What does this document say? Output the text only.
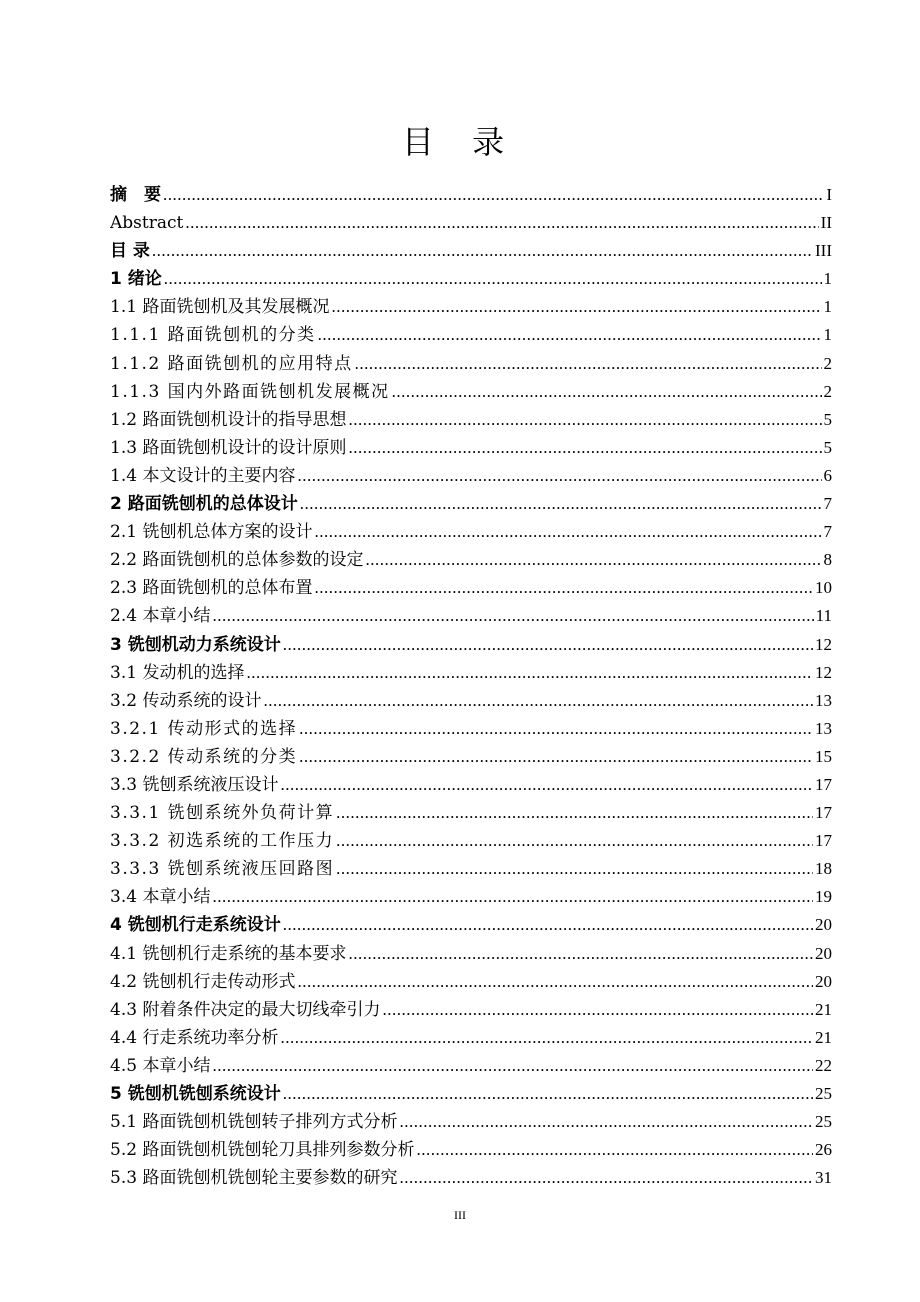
目 录
摘　要 .....	I
Abstract .....	II
目 录 .....	III
1 绪论 .....	1
1.1 路面铣刨机及其发展概况 .....	1
1.1.1 路面铣刨机的分类 .....	1
1.1.2 路面铣刨机的应用特点 .....	2
1.1.3 国内外路面铣刨机发展概况 .....	2
1.2 路面铣刨机设计的指导思想 .....	5
1.3 路面铣刨机设计的设计原则 .....	5
1.4 本文设计的主要内容 .....	6
2 路面铣刨机的总体设计 .....	7
2.1 铣刨机总体方案的设计 .....	7
2.2 路面铣刨机的总体参数的设定 .....	8
2.3 路面铣刨机的总体布置 .....	10
2.4 本章小结 .....	11
3 铣刨机动力系统设计 .....	12
3.1 发动机的选择 .....	12
3.2 传动系统的设计 .....	13
3.2.1 传动形式的选择 .....	13
3.2.2 传动系统的分类 .....	15
3.3 铣刨系统液压设计 .....	17
3.3.1 铣刨系统外负荷计算 .....	17
3.3.2 初选系统的工作压力 .....	17
3.3.3 铣刨系统液压回路图 .....	18
3.4 本章小结 .....	19
4 铣刨机行走系统设计 .....	20
4.1 铣刨机行走系统的基本要求 .....	20
4.2 铣刨机行走传动形式 .....	20
4.3 附着条件决定的最大切线牵引力 .....	21
4.4 行走系统功率分析 .....	21
4.5 本章小结 .....	22
5 铣刨机铣刨系统设计 .....	25
5.1 路面铣刨机铣刨转子排列方式分析 .....	25
5.2 路面铣刨机铣刨轮刀具排列参数分析 .....	26
5.3 路面铣刨机铣刨轮主要参数的研究 .....	31
III
